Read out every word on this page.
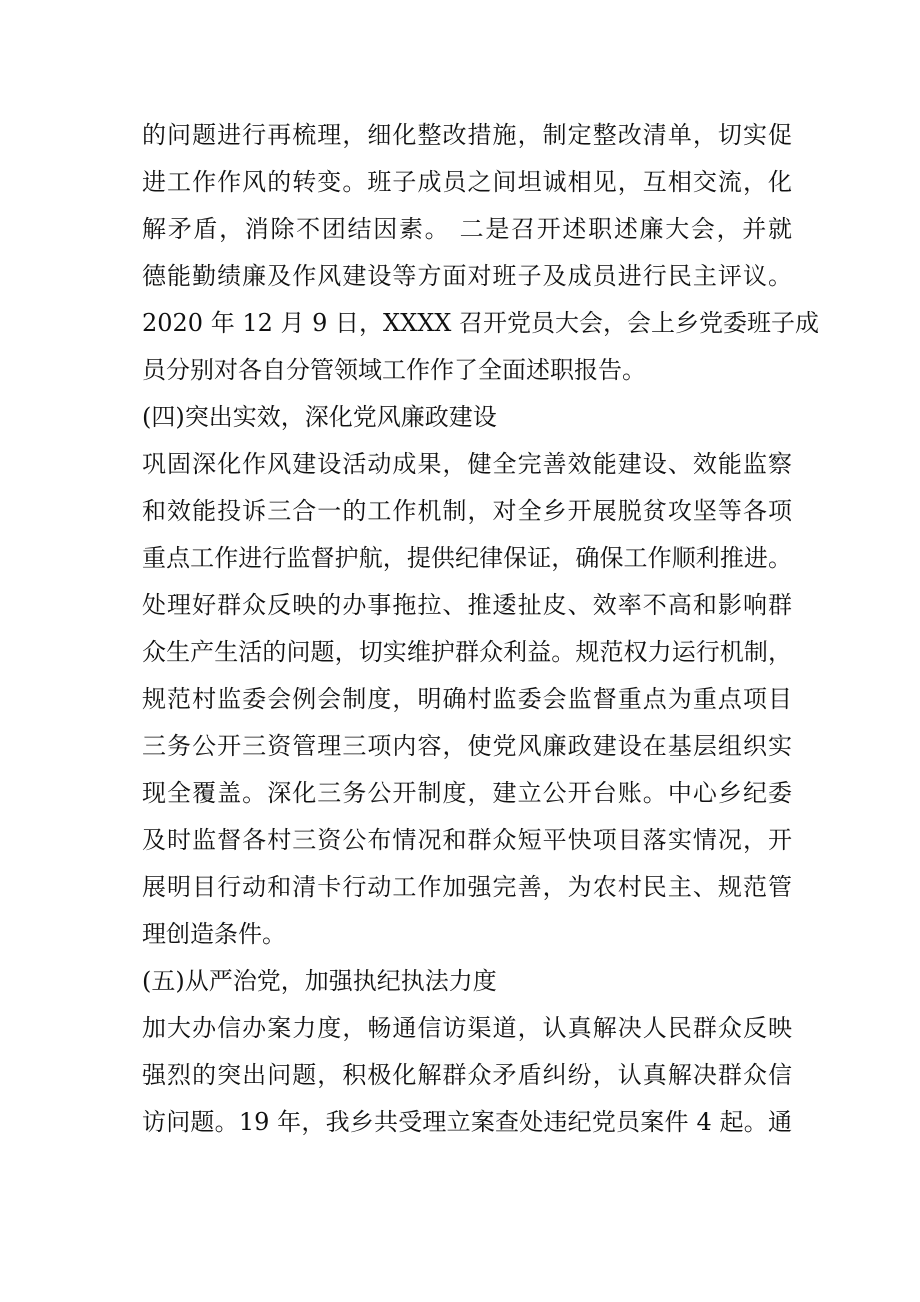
的问题进行再梳理，细化整改措施，制定整改清单，切实促
进工作作风的转变。班子成员之间坦诚相见，互相交流，化
解矛盾，消除不团结因素。 二是召开述职述廉大会，并就
德能勤绩廉及作风建设等方面对班子及成员进行民主评议。
2020 年 12 月 9 日，XXXX 召开党员大会，会上乡党委班子成
员分别对各自分管领域工作作了全面述职报告。
(四)突出实效，深化党风廉政建设
巩固深化作风建设活动成果，健全完善效能建设、效能监察
和效能投诉三合一的工作机制，对全乡开展脱贫攻坚等各项
重点工作进行监督护航，提供纪律保证，确保工作顺利推进。
处理好群众反映的办事拖拉、推逶扯皮、效率不高和影响群
众生产生活的问题，切实维护群众利益。规范权力运行机制，
规范村监委会例会制度，明确村监委会监督重点为重点项目
三务公开三资管理三项内容，使党风廉政建设在基层组织实
现全覆盖。深化三务公开制度，建立公开台账。中心乡纪委
及时监督各村三资公布情况和群众短平快项目落实情况，开
展明目行动和清卡行动工作加强完善，为农村民主、规范管
理创造条件。
(五)从严治党，加强执纪执法力度
加大办信办案力度，畅通信访渠道，认真解决人民群众反映
强烈的突出问题，积极化解群众矛盾纠纷，认真解决群众信
访问题。19 年，我乡共受理立案查处违纪党员案件 4 起。通
